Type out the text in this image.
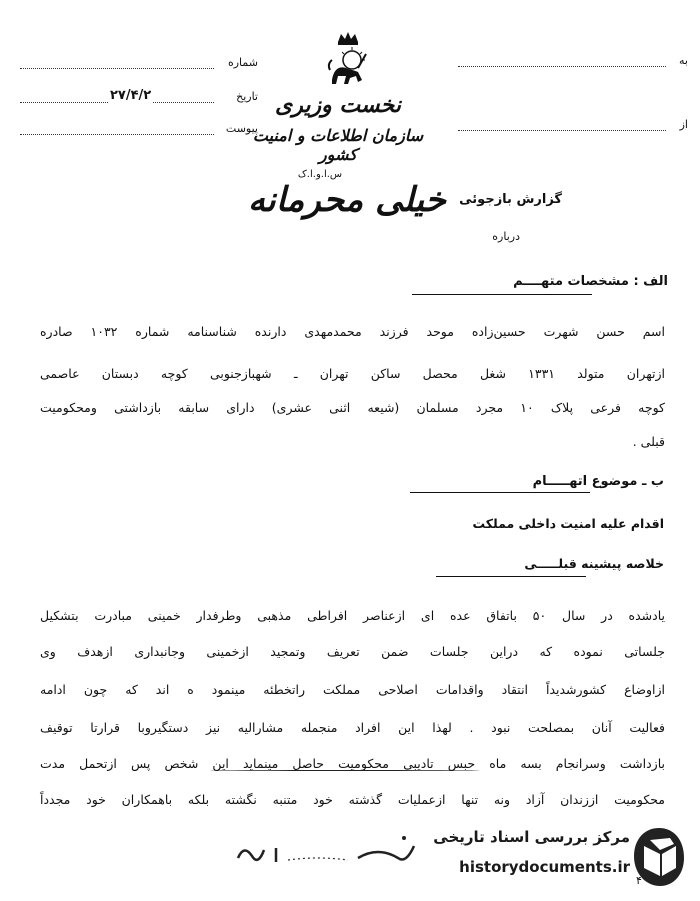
شماره
تاریخ
۲۷/۴/۲
پیوست
به
از
نخست وزیری
سازمان اطلاعات و امنیت کشور
س.ا.و.ا.ک
خیلی محرمانه	گزارش بازجوئی
درباره
الف : مشخصات متهــــم
اسم حسن شهرت حسین‌زاده موحد فرزند محمدمهدی دارنده شناسنامه شماره ۱۰۳۲ صادره
ازتهران متولد ۱۳۳۱ شغل محصل ساکن تهران ـ شهبازجنوبی کوچه دبستان عاصمی
کوچه فرعی پلاک ۱۰ مجرد مسلمان (شیعه اثنی عشری) دارای سابقه بازداشتی ومحکومیت
قبلی .
ب ـ موضوع اتهـــــام
اقدام علیه امنیت داخلی مملکت
خلاصه پیشینه قبلـــــی
یادشده در سال ۵۰ باتفاق عده ای ازعناصر افراطی مذهبی وطرفدار خمینی مبادرت بتشکیل
جلساتی نموده که دراین جلسات ضمن تعریف وتمجید ازخمینی وجانبداری ازهدف وی
ازاوضاع کشورشدیداً انتقاد واقدامات اصلاحی مملکت راتخطئه مینمود ه اند که چون ادامه
فعالیت آنان بمصلحت نبود . لهذا این افراد منجمله مشارالیه نیز دستگیروبا قرارتا توقیف
بازداشت وسرانجام بسه ماه حبس تادیبی محکومیت حاصل مینماید این شخص پس ازتحمل مدت
محکومیت اززندان آزاد ونه تنها ازعملیات گذشته خود متنبه نگشته بلکه باهمکاران خود مجدداً
۴
مرکز بررسی اسناد تاریخی
historydocuments.ir
